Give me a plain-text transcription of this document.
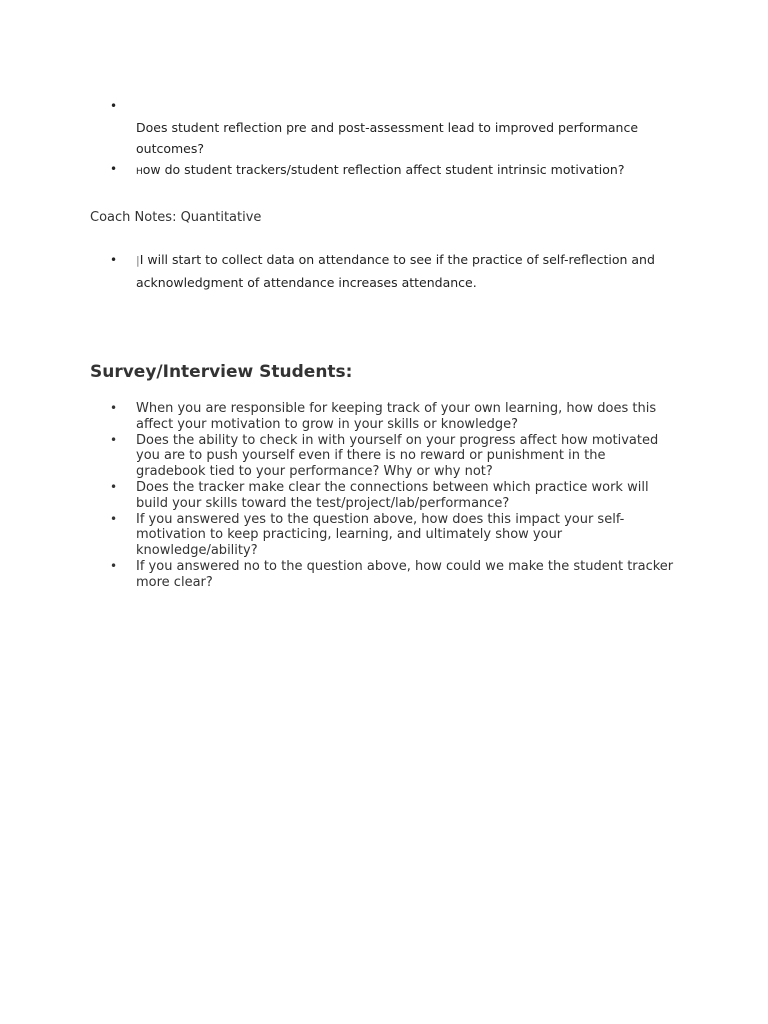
•
Does student reflection pre and post-assessment lead to improved performance outcomes?
• How do student trackers/student reflection affect student intrinsic motivation?
Coach Notes: Quantitative
• |I will start to collect data on attendance to see if the practice of self-reflection and acknowledgment of attendance increases attendance.
Survey/Interview Students:
• When you are responsible for keeping track of your own learning, how does this affect your motivation to grow in your skills or knowledge?
• Does the ability to check in with yourself on your progress affect how motivated you are to push yourself even if there is no reward or punishment in the gradebook tied to your performance? Why or why not?
• Does the tracker make clear the connections between which practice work will build your skills toward the test/project/lab/performance?
• If you answered yes to the question above, how does this impact your self-motivation to keep practicing, learning, and ultimately show your knowledge/ability?
• If you answered no to the question above, how could we make the student tracker more clear?
